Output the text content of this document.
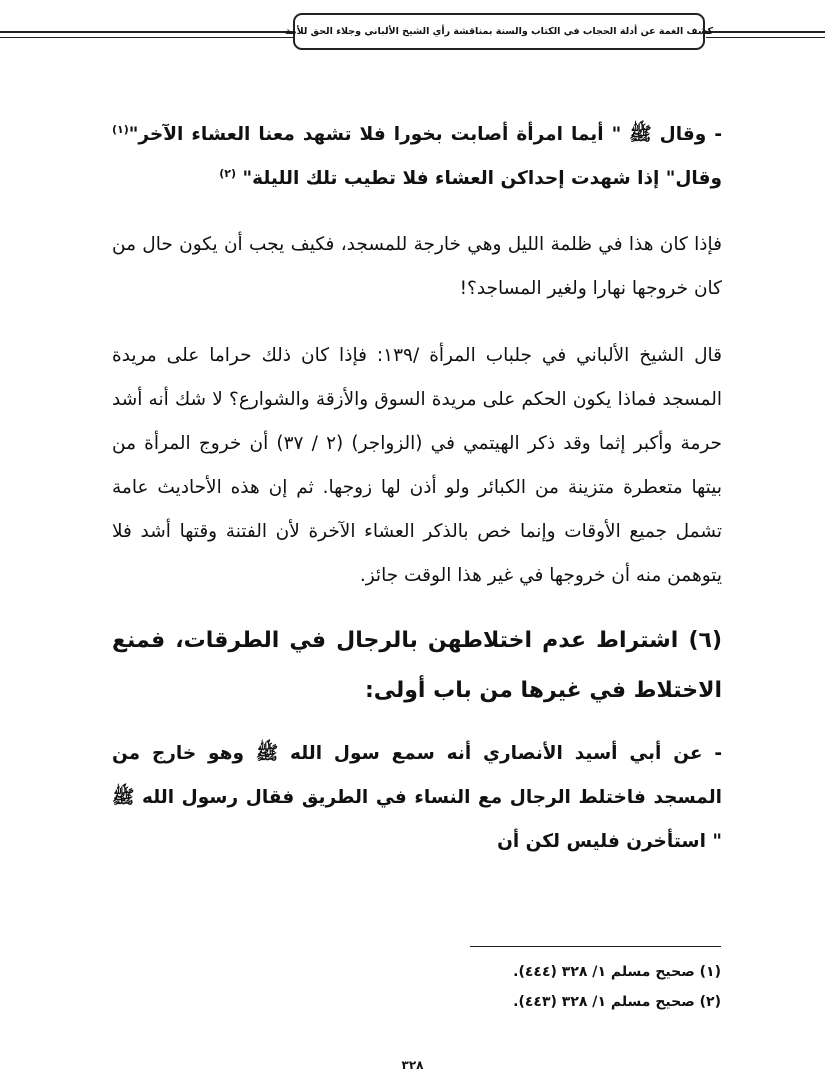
كشف الغمة عن أدلة الحجاب في الكتاب والسنة بمناقشة رأي الشيخ الألباني وجلاء الحق للأمة

- وقال ﷺ " أيما امرأة أصابت بخورا فلا تشهد معنا العشاء الآخر"$^{(١)}$ وقال" إذا شهدت إحداكن العشاء فلا تطيب تلك الليلة" $^{(٢)}$

فإذا كان هذا في ظلمة الليل وهي خارجة للمسجد، فكيف يجب أن يكون حال من كان خروجها نهارا ولغير المساجد؟!

قال الشيخ الألباني في جلباب المرأة /١٣٩: فإذا كان ذلك حراما على مريدة المسجد فماذا يكون الحكم على مريدة السوق والأزقة والشوارع؟ لا شك أنه أشد حرمة وأكبر إثما وقد ذكر الهيتمي في (الزواجر) (٢ / ٣٧) أن خروج المرأة من بيتها متعطرة متزينة من الكبائر ولو أذن لها زوجها. ثم إن هذه الأحاديث عامة تشمل جميع الأوقات وإنما خص بالذكر العشاء الآخرة لأن الفتنة وقتها أشد فلا يتوهمن منه أن خروجها في غير هذا الوقت جائز.

(٦) اشتراط عدم اختلاطهن بالرجال في الطرقات، فمنع الاختلاط في غيرها من باب أولى:

- عن أبي أسيد الأنصاري أنه سمع سول الله ﷺ وهو خارج من المسجد فاختلط الرجال مع النساء في الطريق فقال رسول الله ﷺ " استأخرن فليس لكن أن

(١) صحيح مسلم ١/ ٣٢٨ (٤٤٤).

(٢) صحيح مسلم ١/ ٣٢٨ (٤٤٣).

٣٢٨
